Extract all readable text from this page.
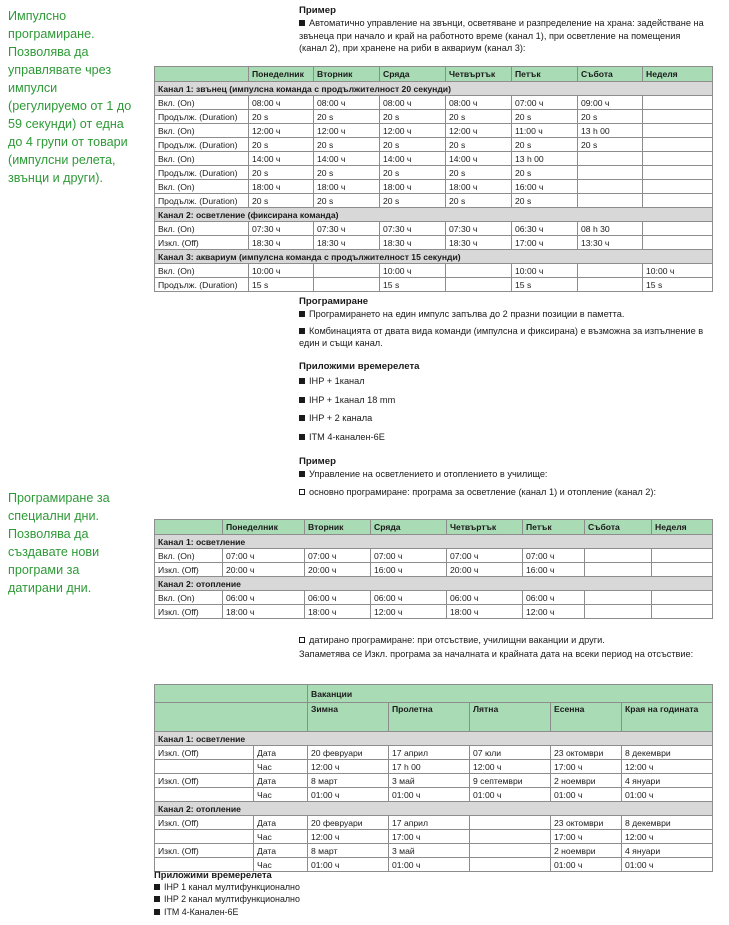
Импулсно програмиране. Позволява да управлявате чрез импулси (регулируемо от 1 до 59 секунди) от една до 4 групи от товари (импулсни релета, звънци и други).
Програмиране за специални дни. Позволява да създавате нови програми за датирани дни.
Пример

Автоматично управление на звънци, осветяване и разпределение на храна: задействане на звънеца при начало и край на работното време (канал 1), при осветление на помещения (канал 2), при хранене на риби в аквариум (канал 3):

	Понеделник	Вторник	Сряда	Четвъртък	Петък	Събота	Неделя
Канал 1: звънец (импулсна команда с продължителност 20 секунди)							
Вкл. (On)	08:00 ч	08:00 ч	08:00 ч	08:00 ч	07:00 ч	09:00 ч	
Продълж. (Duration)	20 s	20 s	20 s	20 s	20 s	20 s	
Вкл. (On)	12:00 ч	12:00 ч	12:00 ч	12:00 ч	11:00 ч	13 h 00	
Продълж. (Duration)	20 s	20 s	20 s	20 s	20 s	20 s	
Вкл. (On)	14:00 ч	14:00 ч	14:00 ч	14:00 ч	13 h 00		
Продълж. (Duration)	20 s	20 s	20 s	20 s	20 s		
Вкл. (On)	18:00 ч	18:00 ч	18:00 ч	18:00 ч	16:00 ч		
Продълж. (Duration)	20 s	20 s	20 s	20 s	20 s		
Канал 2: осветление (фиксирана команда)							
Вкл. (On)	07:30 ч	07:30 ч	07:30 ч	07:30 ч	06:30 ч	08 h 30	
Изкл. (Off)	18:30 ч	18:30 ч	18:30 ч	18:30 ч	17:00 ч	13:30 ч	
Канал 3: аквариум (импулсна команда с продължителност 15 секунди)							
Вкл. (On)	10:00 ч		10:00 ч		10:00 ч		10:00 ч
Продълж. (Duration)	15 s		15 s		15 s		15 s
Програмиране

Програмирането на един импулс запълва до 2 празни позиции в паметта.

Комбинацията от двата вида команди (импулсна и фиксирана) е възможна за изпълнение в един и същи канал.

Приложими времерелета

IHP + 1канал

IHP + 1канал 18 mm

IHP + 2 канала

ITM 4-канален-6Е

Пример

Управление на осветлението и отоплението в училище:

основно програмиране: програма за осветление (канал 1) и отопление (канал 2):

	Понеделник	Вторник	Сряда	Четвъртък	Петък	Събота	Неделя
Канал 1: осветление							
Вкл. (On)	07:00 ч	07:00 ч	07:00 ч	07:00 ч	07:00 ч		
Изкл. (Off)	20:00 ч	20:00 ч	16:00 ч	20:00 ч	16:00 ч		
Канал 2: отопление							
Вкл. (On)	06:00 ч	06:00 ч	06:00 ч	06:00 ч	06:00 ч		
Изкл. (Off)	18:00 ч	18:00 ч	12:00 ч	18:00 ч	12:00 ч		

датирано програмиране: при отсъствие, училищни ваканции и други.

Запаметява се Изкл. програма за началната и крайната дата на всеки период на отсъствие:

		Ваканции				
		Зимна	Пролетна	Лятна	Есенна	Края на годината
Канал 1: осветление						
Изкл. (Off)	Дата	20 февруари	17 април	07 юли	23 октомври	8 декември
	Час	12:00 ч	17 h 00	12:00 ч	17:00 ч	12:00 ч
Изкл. (Off)	Дата	8 март	3 май	9 септември	2 ноември	4 януари
	Час	01:00 ч	01:00 ч	01:00 ч	01:00 ч	01:00 ч
Канал 2: отопление						
Изкл. (Off)	Дата	20 февруари	17 април		23 октомври	8 декември
	Час	12:00 ч	17:00 ч		17:00 ч	12:00 ч
Изкл. (Off)	Дата	8 март	3 май		2 ноември	4 януари
	Час	01:00 ч	01:00 ч		01:00 ч	01:00 ч
Приложими времерелета
IHP 1 канал мултифункционално
IHP 2 канал мултифункционално
ITM 4-Канален-6Е
